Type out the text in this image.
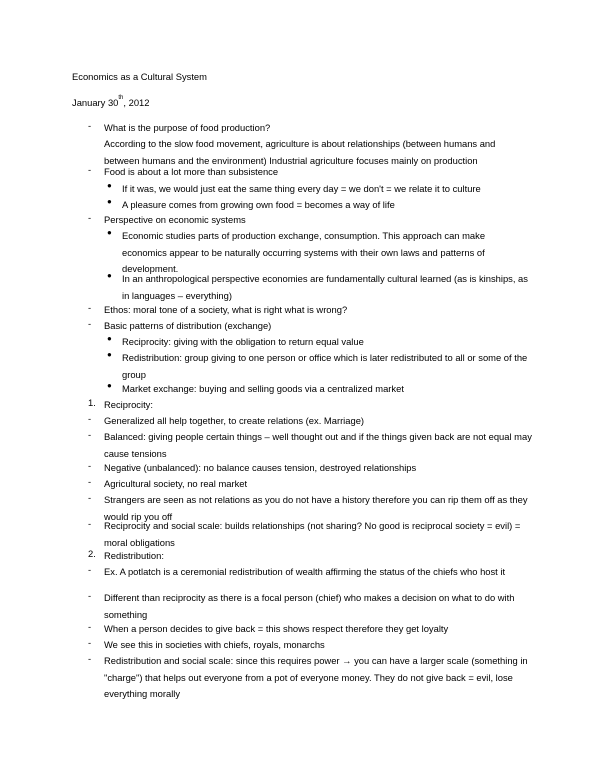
Economics as a Cultural System
January 30th, 2012
- What is the purpose of food production?
According to the slow food movement, agriculture is about relationships (between humans and between humans and the environment) Industrial agriculture focuses mainly on production
- Food is about a lot more than subsistence
● If it was, we would just eat the same thing every day = we don't = we relate it to culture
● A pleasure comes from growing own food = becomes a way of life
- Perspective on economic systems
● Economic studies parts of production exchange, consumption. This approach can make economics appear to be naturally occurring systems with their own laws and patterns of development.
● In an anthropological perspective economies are fundamentally cultural learned (as is kinships, as in languages – everything)
- Ethos: moral tone of a society, what is right what is wrong?
- Basic patterns of distribution (exchange)
● Reciprocity: giving with the obligation to return equal value
● Redistribution: group giving to one person or office which is later redistributed to all or some of the group
● Market exchange: buying and selling goods via a centralized market
1. Reciprocity:
- Generalized all help together, to create relations (ex. Marriage)
- Balanced: giving people certain things – well thought out and if the things given back are not equal may cause tensions
- Negative (unbalanced): no balance causes tension, destroyed relationships
- Agricultural society, no real market
- Strangers are seen as not relations as you do not have a history therefore you can rip them off as they would rip you off
- Reciprocity and social scale: builds relationships (not sharing? No good is reciprocal society = evil) = moral obligations
2. Redistribution:
- Ex. A potlatch is a ceremonial redistribution of wealth affirming the status of the chiefs who host it
- Different than reciprocity as there is a focal person (chief) who makes a decision on what to do with something
- When a person decides to give back = this shows respect therefore they get loyalty
- We see this in societies with chiefs, royals, monarchs
- Redistribution and social scale: since this requires power → you can have a larger scale (something in "charge") that helps out everyone from a pot of everyone money. They do not give back = evil, lose everything morally
